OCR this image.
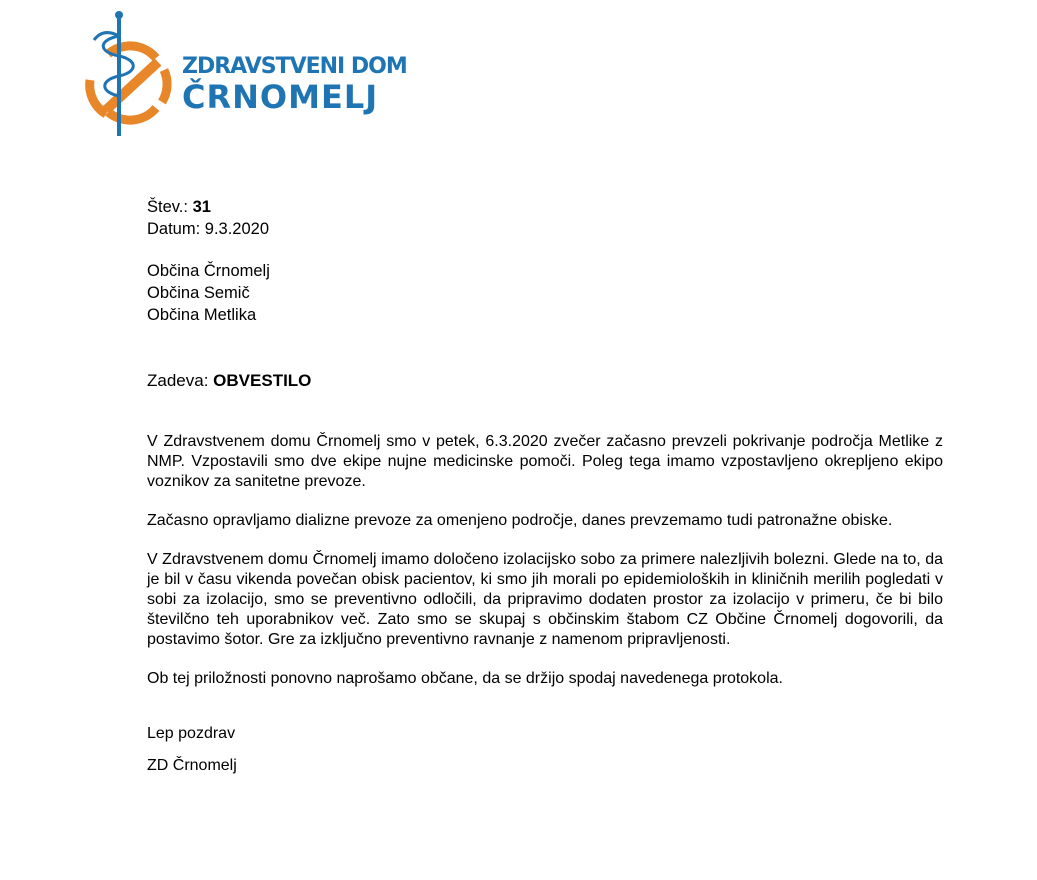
ZDRAVSTVENI DOM
ČRNOMELJ
Štev.: 31
Datum: 9.3.2020
Občina Črnomelj
Občina Semič
Občina Metlika
Zadeva: OBVESTILO

V Zdravstvenem domu Črnomelj smo v petek, 6.3.2020 zvečer začasno prevzeli pokrivanje področja Metlike z NMP. Vzpostavili smo dve ekipe nujne medicinske pomoči. Poleg tega imamo vzpostavljeno okrepljeno ekipo voznikov za sanitetne prevoze.

Začasno opravljamo dializne prevoze za omenjeno področje, danes prevzemamo tudi patronažne obiske.

V Zdravstvenem domu Črnomelj imamo določeno izolacijsko sobo za primere nalezljivih bolezni. Glede na to, da je bil v času vikenda povečan obisk pacientov, ki smo jih morali po epidemioloških in kliničnih merilih pogledati v sobi za izolacijo, smo se preventivno odločili, da pripravimo dodaten prostor za izolacijo v primeru, če bi bilo številčno teh uporabnikov več. Zato smo se skupaj s občinskim štabom CZ Občine Črnomelj dogovorili, da postavimo šotor. Gre za izključno preventivno ravnanje z namenom pripravljenosti.

Ob tej priložnosti ponovno naprošamo občane, da se držijo spodaj navedenega protokola.

Lep pozdrav

ZD Črnomelj
